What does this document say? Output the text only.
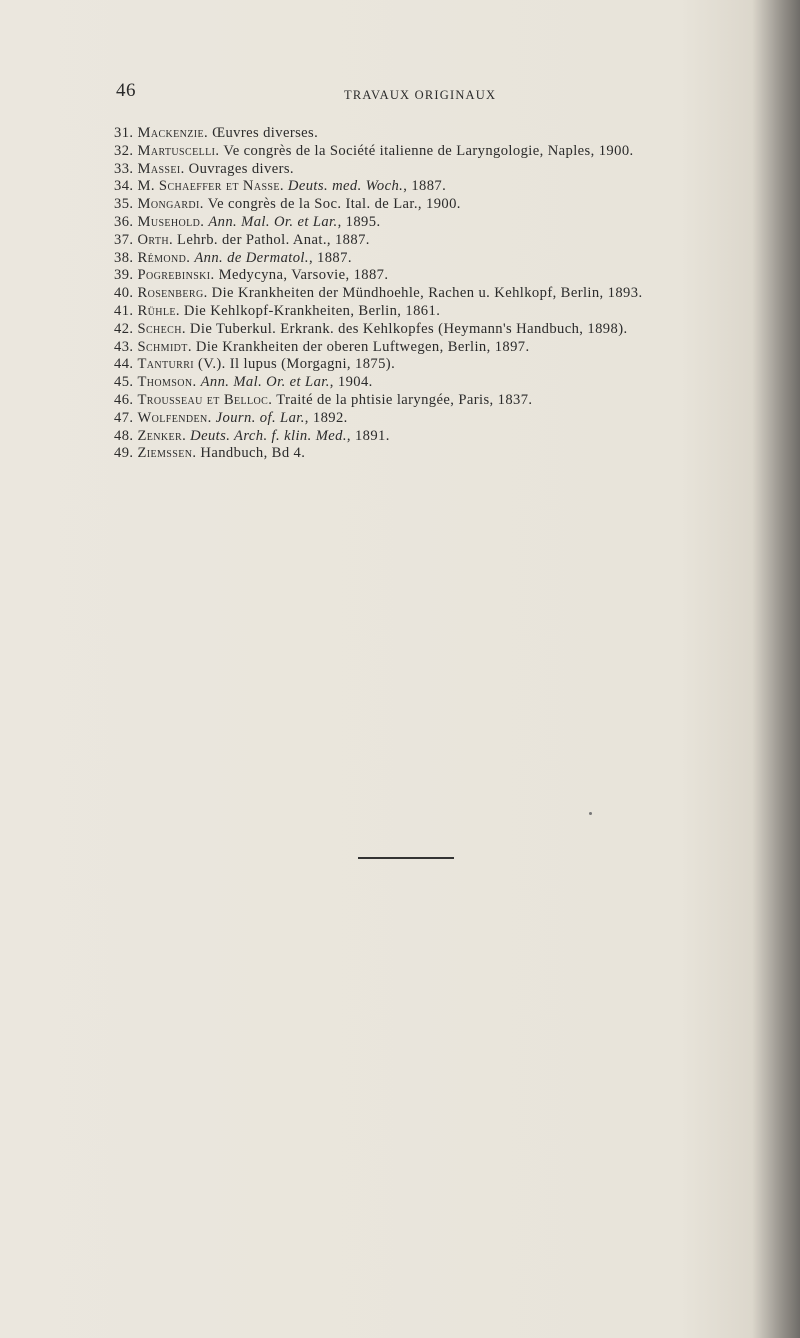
46	TRAVAUX ORIGINAUX
31. Mackenzie. Œuvres diverses.
32. Martuscelli. Ve congrès de la Société italienne de Laryngologie, Naples, 1900.
33. Massei. Ouvrages divers.
34. M. Schaeffer et Nasse. Deuts. med. Woch., 1887.
35. Mongardi. Ve congrès de la Soc. Ital. de Lar., 1900.
36. Musehold. Ann. Mal. Or. et Lar., 1895.
37. Orth. Lehrb. der Pathol. Anat., 1887.
38. Rémond. Ann. de Dermatol., 1887.
39. Pogrebinski. Medycyna, Varsovie, 1887.
40. Rosenberg. Die Krankheiten der Mündhoehle, Rachen u. Kehlkopf, Berlin, 1893.
41. Rühle. Die Kehlkopf-Krankheiten, Berlin, 1861.
42. Schech. Die Tuberkul. Erkrank. des Kehlkopfes (Heymann's Handbuch, 1898).
43. Schmidt. Die Krankheiten der oberen Luftwegen, Berlin, 1897.
44. Tanturri (V.). Il lupus (Morgagni, 1875).
45. Thomson. Ann. Mal. Or. et Lar., 1904.
46. Trousseau et Belloc. Traité de la phtisie laryngée, Paris, 1837.
47. Wolfenden. Journ. of. Lar., 1892.
48. Zenker. Deuts. Arch. f. klin. Med., 1891.
49. Ziemssen. Handbuch, Bd 4.
